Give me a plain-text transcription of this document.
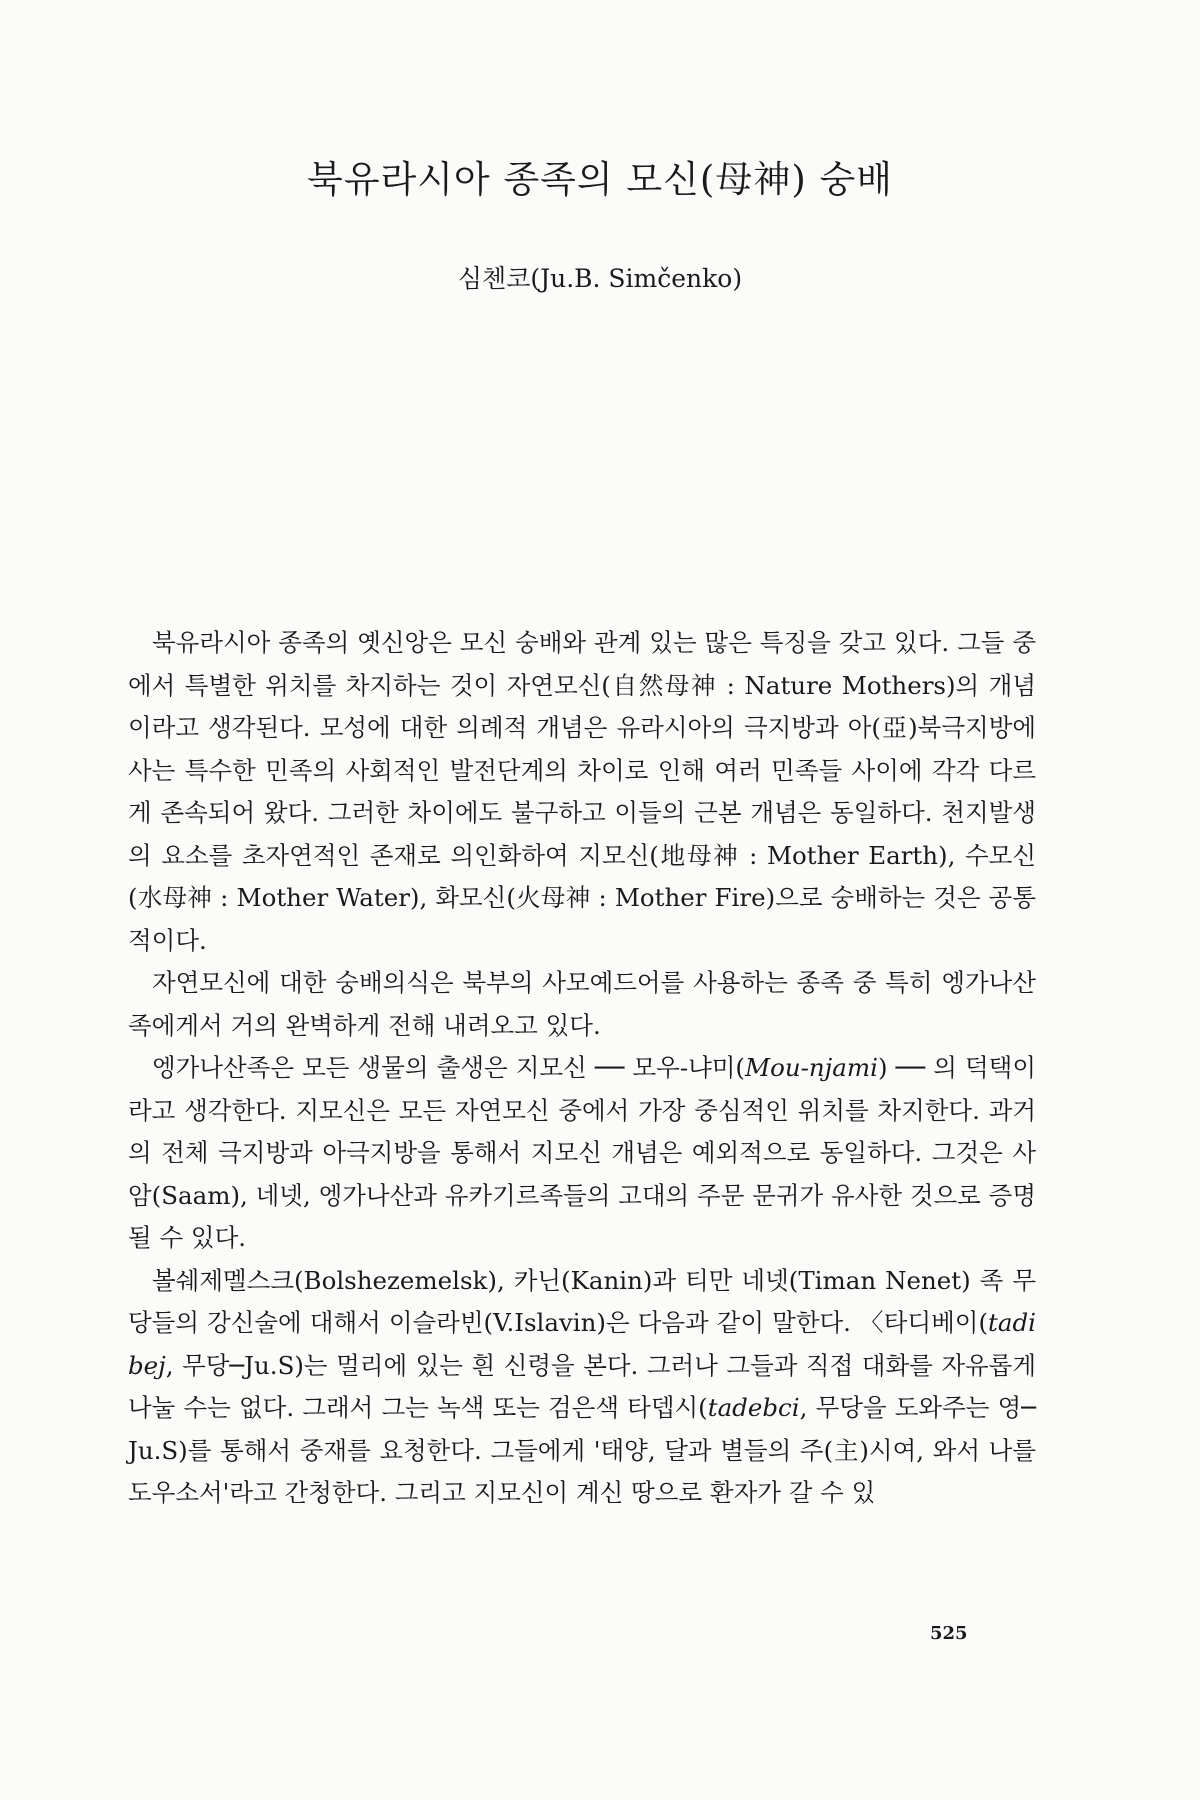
북유라시아 종족의 모신(母神) 숭배
심첸코(Ju.B. Simčenko)

북유라시아 종족의 옛신앙은 모신 숭배와 관계 있는 많은 특징을 갖고 있다. 그들 중에서 특별한 위치를 차지하는 것이 자연모신(自然母神 : Nature Mothers)의 개념이라고 생각된다. 모성에 대한 의례적 개념은 유라시아의 극지방과 아(亞)북극지방에 사는 특수한 민족의 사회적인 발전단계의 차이로 인해 여러 민족들 사이에 각각 다르게 존속되어 왔다. 그러한 차이에도 불구하고 이들의 근본 개념은 동일하다. 천지발생의 요소를 초자연적인 존재로 의인화하여 지모신(地母神 : Mother Earth), 수모신(水母神 : Mother Water), 화모신(火母神 : Mother Fire)으로 숭배하는 것은 공통적이다.

자연모신에 대한 숭배의식은 북부의 사모예드어를 사용하는 종족 중 특히 엥가나산족에게서 거의 완벽하게 전해 내려오고 있다.

엥가나산족은 모든 생물의 출생은 지모신 ── 모우-냐미(Mou-njami) ── 의 덕택이라고 생각한다. 지모신은 모든 자연모신 중에서 가장 중심적인 위치를 차지한다. 과거의 전체 극지방과 아극지방을 통해서 지모신 개념은 예외적으로 동일하다. 그것은 사암(Saam), 네넷, 엥가나산과 유카기르족들의 고대의 주문 문귀가 유사한 것으로 증명될 수 있다.

볼쉐제멜스크(Bolshezemelsk), 카닌(Kanin)과 티만 네넷(Timan Nenet) 족 무당들의 강신술에 대해서 이슬라빈(V.Islavin)은 다음과 같이 말한다. 〈타디베이(tadibej, 무당─Ju.S)는 멀리에 있는 흰 신령을 본다. 그러나 그들과 직접 대화를 자유롭게 나눌 수는 없다. 그래서 그는 녹색 또는 검은색 타뎁시(tadebci, 무당을 도와주는 영─Ju.S)를 통해서 중재를 요청한다. 그들에게 '태양, 달과 별들의 주(主)시여, 와서 나를 도우소서'라고 간청한다. 그리고 지모신이 계신 땅으로 환자가 갈 수 있

525
